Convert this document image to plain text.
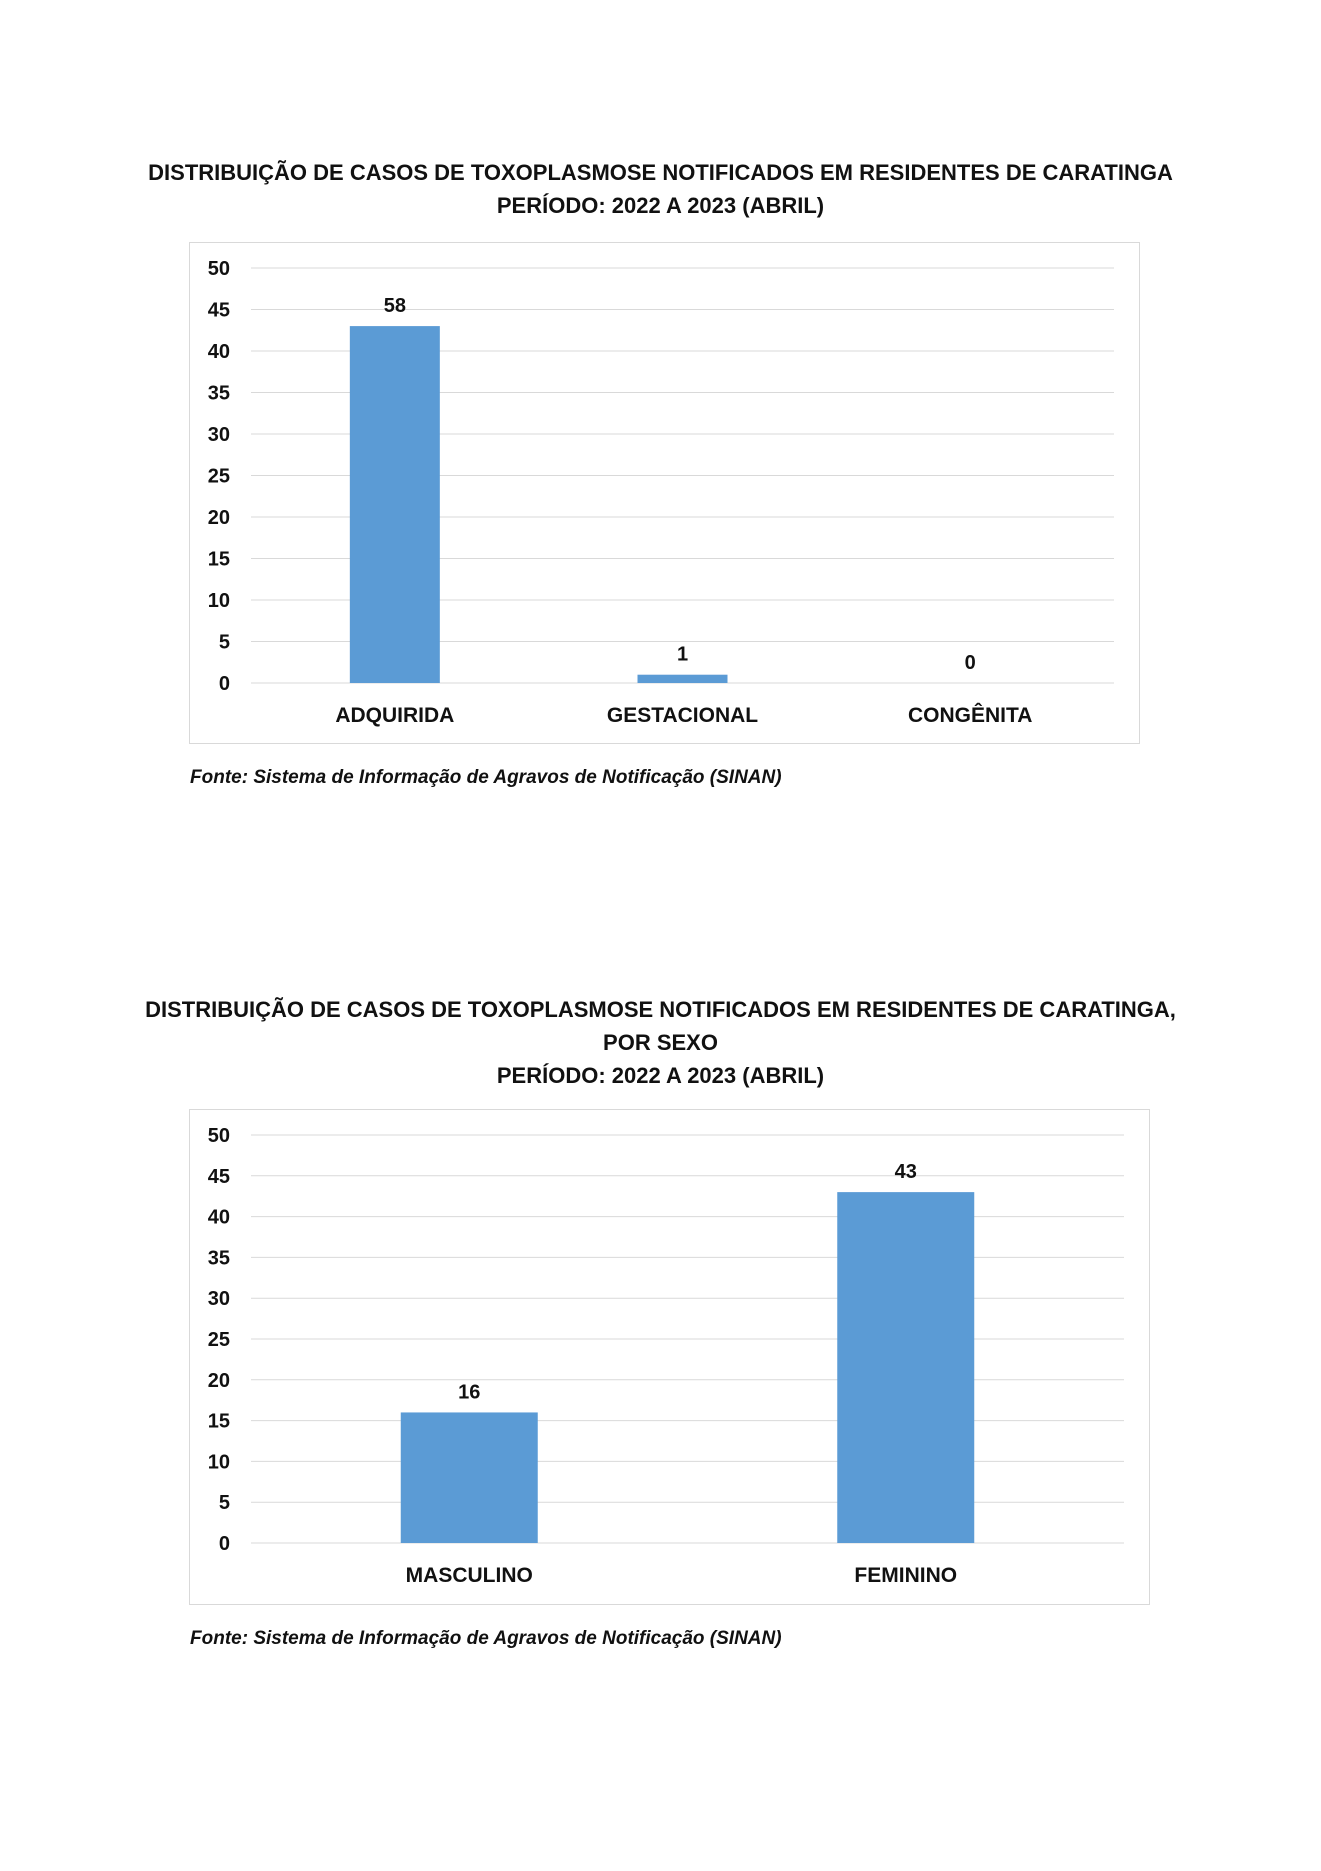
DISTRIBUIÇÃO DE CASOS DE TOXOPLASMOSE NOTIFICADOS EM RESIDENTES DE CARATINGA
PERÍODO: 2022 A 2023 (ABRIL)
0
5
10
15
20
25
30
35
40
45
50
58
ADQUIRIDA
1
GESTACIONAL
0
CONGÊNITA
Fonte: Sistema de Informação de Agravos de Notificação (SINAN)
DISTRIBUIÇÃO DE CASOS DE TOXOPLASMOSE NOTIFICADOS EM RESIDENTES DE CARATINGA,
POR SEXO
PERÍODO: 2022 A 2023 (ABRIL)
0
5
10
15
20
25
30
35
40
45
50
16
MASCULINO
43
FEMININO
Fonte: Sistema de Informação de Agravos de Notificação (SINAN)
